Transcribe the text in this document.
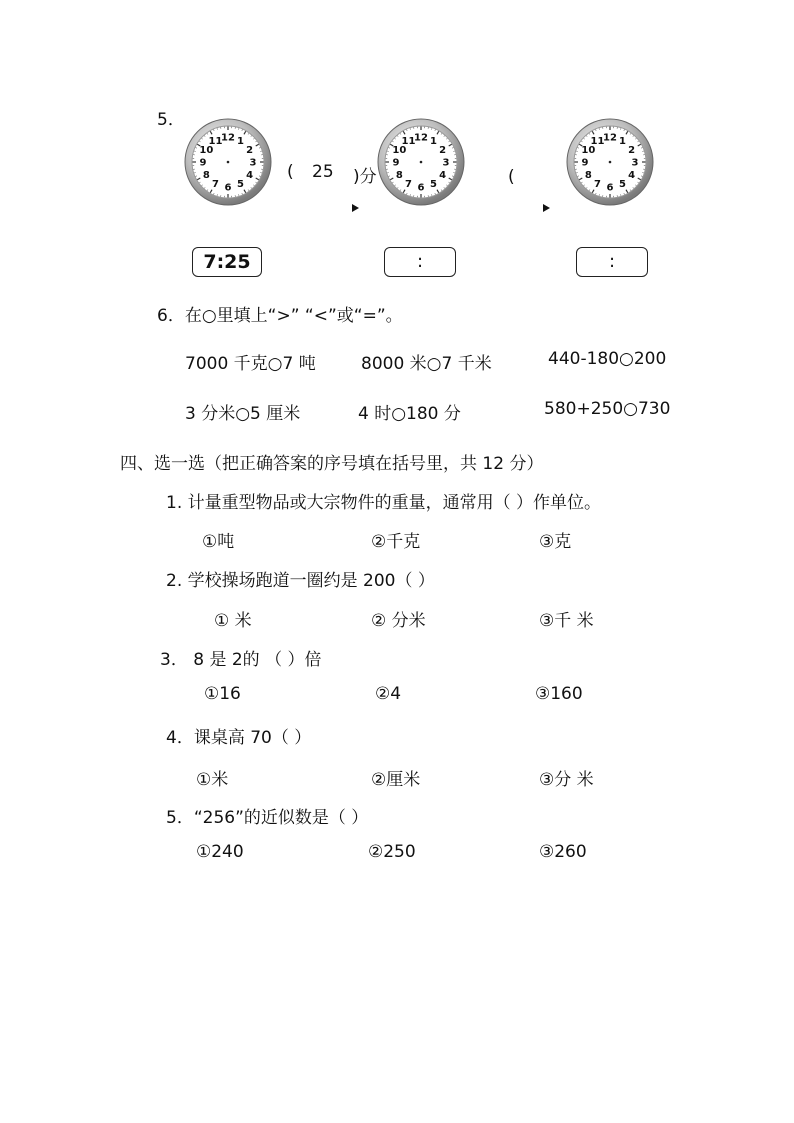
5．
12 1
2
3
4
5
6
7
8
9
10
11	12 1
2
3
4
5
6
7
8
9
10
11	12 1
2
3
4
5
6
7
8
9
10
11
( 25 )分	(
7:25	:	:
6．在○里填上“>” “<”或“=”。
7000 千克○7 吨	8000 米○7 千米	440-180○200
3 分米○5 厘米	4 时○180 分	580+250○730
四、选一选（把正确答案的序号填在括号里，共 12 分）
1. 计量重型物品或大宗物件的重量，通常用（ ）作单位。
①吨	②千克	③克
2. 学校操场跑道一圈约是 200（ ）
① 米	② 分米	③千 米
3． 8 是 2的 （ ）倍
①16	②4	③160
4．课桌高 70（ ）
①米	②厘米	③分 米
5．“256”的近似数是（ ）
①240	②250	③260
